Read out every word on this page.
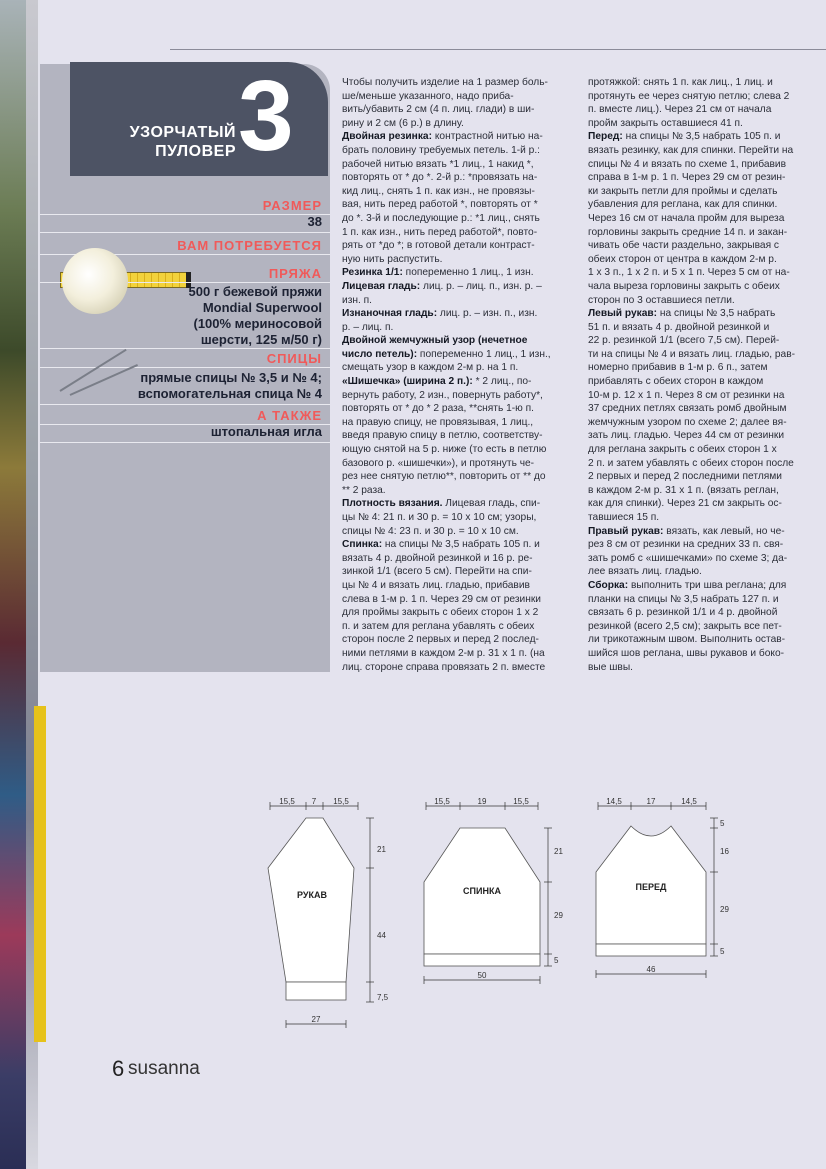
РАЗМЕР
38
ВАМ ПОТРЕБУЕТСЯ
ПРЯЖА
500 г бежевой пряжи
Mondial Superwool
(100% мериносовой
шерсти, 125 м/50 г)
СПИЦЫ
прямые спицы № 3,5 и № 4;
вспомогательная спица № 4
А ТАКЖЕ
штопальная игла
УЗОРЧАТЫЙ
ПУЛОВЕР 3	Чтобы получить изделие на 1 размер боль-

ше/меньше указанного, надо приба-

вить/убавить 2 см (4 п. лиц. глади) в ши-

рину и 2 см (6 р.) в длину.

Двойная резинка: контрастной нитью на-

брать половину требуемых петель. 1-й р.:

рабочей нитью вязать *1 лиц., 1 накид *,

повторять от * до *. 2-й р.: *провязать на-

кид лиц., снять 1 п. как изн., не провязы-

вая, нить перед работой *, повторять от *

до *. 3-й и последующие р.: *1 лиц., снять

1 п. как изн., нить перед работой*, повто-

рять от *до *; в готовой детали контраст-

ную нить распустить.

Резинка 1/1: попеременно 1 лиц., 1 изн.

Лицевая гладь: лиц. р. – лиц. п., изн. р. –

изн. п.

Изнаночная гладь: лиц. р. – изн. п., изн.

р. – лиц. п.

Двойной жемчужный узор (нечетное

число петель): попеременно 1 лиц., 1 изн.,

смещать узор в каждом 2-м р. на 1 п.

«Шишечка» (ширина 2 п.): * 2 лиц., по-

вернуть работу, 2 изн., повернуть работу*,

повторять от * до * 2 раза, **снять 1-ю п.

на правую спицу, не провязывая, 1 лиц.,

введя правую спицу в петлю, соответству-

ющую снятой на 5 р. ниже (то есть в петлю

базового р. «шишечки»), и протянуть че-

рез нее снятую петлю**, повторить от ** до

** 2 раза.

Плотность вязания. Лицевая гладь, спи-

цы № 4: 21 п. и 30 р. = 10 х 10 см; узоры,

спицы № 4: 23 п. и 30 р. = 10 х 10 см.

Спинка: на спицы № 3,5 набрать 105 п. и

вязать 4 р. двойной резинкой и 16 р. ре-

зинкой 1/1 (всего 5 см). Перейти на спи-

цы № 4 и вязать лиц. гладью, прибавив

слева в 1-м р. 1 п. Через 29 см от резинки

для проймы закрыть с обеих сторон 1 х 2

п. и затем для реглана убавлять с обеих

сторон после 2 первых и перед 2 послед-

ними петлями в каждом 2-м р. 31 х 1 п. (на

лиц. стороне справа провязать 2 п. вместе

протяжкой: снять 1 п. как лиц., 1 лиц. и

протянуть ее через снятую петлю; слева 2

п. вместе лиц.). Через 21 см от начала

пройм закрыть оставшиеся 41 п.

Перед: на спицы № 3,5 набрать 105 п. и

вязать резинку, как для спинки. Перейти на

спицы № 4 и вязать по схеме 1, прибавив

справа в 1-м р. 1 п. Через 29 см от резин-

ки закрыть петли для проймы и сделать

убавления для реглана, как для спинки.

Через 16 см от начала пройм для выреза

горловины закрыть средние 14 п. и закан-

чивать обе части раздельно, закрывая с

обеих сторон от центра в каждом 2-м р.

1 х 3 п., 1 х 2 п. и 5 х 1 п. Через 5 см от на-

чала выреза горловины закрыть с обеих

сторон по 3 оставшиеся петли.

Левый рукав: на спицы № 3,5 набрать

51 п. и вязать 4 р. двойной резинкой и

22 р. резинкой 1/1 (всего 7,5 см). Перей-

ти на спицы № 4 и вязать лиц. гладью, рав-

номерно прибавив в 1-м р. 6 п., затем

прибавлять с обеих сторон в каждом

10-м р. 12 х 1 п. Через 8 см от резинки на

37 средних петлях связать ромб двойным

жемчужным узором по схеме 2; далее вя-

зать лиц. гладью. Через 44 см от резинки

для реглана закрыть с обеих сторон 1 х

2 п. и затем убавлять с обеих сторон после

2 первых и перед 2 последними петлями

в каждом 2-м р. 31 х 1 п. (вязать реглан,

как для спинки). Через 21 см закрыть ос-

тавшиеся 15 п.

Правый рукав: вязать, как левый, но че-

рез 8 см от резинки на средних 33 п. свя-

зать ромб с «шишечками» по схеме 3; да-

лее вязать лиц. гладью.

Сборка: выполнить три шва реглана; для

планки на спицы № 3,5 набрать 127 п. и

связать 6 р. резинкой 1/1 и 4 р. двойной

резинкой (всего 2,5 см); закрыть все пет-

ли трикотажным швом. Выполнить остав-

шийся шов реглана, швы рукавов и боко-

вые швы.

15,5 7 15,5
21
44
7,5
27
РУКАВ
15,5	19	15,5
21
29
5
50
СПИНКА
14,5	17	14,5
5
16
29
5
46
ПЕРЕД
6 susanna
